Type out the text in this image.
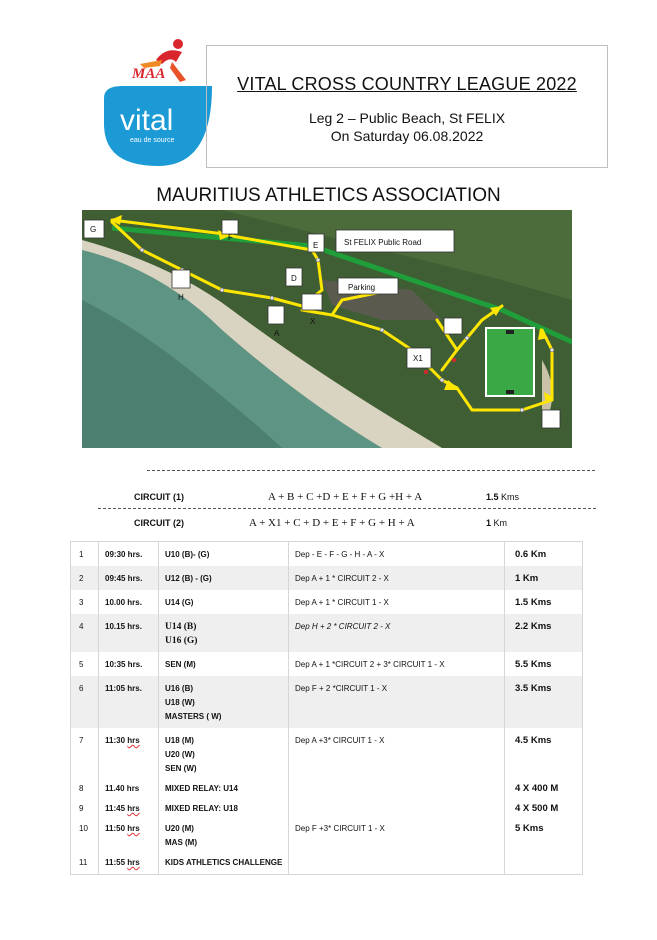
MAA
vital
eau de source
VITAL CROSS COUNTRY LEAGUE 2022
Leg 2 – Public Beach, St FELIX
On Saturday 06.08.2022
MAURITIUS ATHLETICS ASSOCIATION
G
F
E
D
H
A
X
X1
St FELIX Public Road
Parking
CIRCUIT (1)	A + B + C +D + E + F + G +H + A	1.5 Kms
CIRCUIT (2)	A + X1 + C + D + E + F + G + H + A	1 Km
1	09:30 hrs.	U10 (B)- (G)	Dep - E - F - G - H - A - X	0.6 Km
2	09:45 hrs.	U12 (B) - (G)	Dep A + 1 * CIRCUIT 2 - X	1 Km
3	10.00 hrs.	U14 (G)	Dep A + 1 * CIRCUIT 1 - X	1.5 Kms
4	10.15 hrs.	U14 (B)
U16 (G)	Dep H + 2 * CIRCUIT 2 - X	2.2 Kms
5	10:35 hrs.	SEN (M)	Dep A + 1 *CIRCUIT 2 + 3* CIRCUIT 1 - X	5.5 Kms
6	11:05 hrs.	U16 (B)
U18 (W)
MASTERS ( W)	Dep F + 2 *CIRCUIT 1 - X	3.5 Kms
7	11:30 hrs	U18 (M)
U20 (W)
SEN (W)	Dep A +3* CIRCUIT 1 - X	4.5 Kms
8	11.40 hrs	MIXED RELAY: U14		4 X 400 M
9	11:45 hrs	MIXED RELAY: U18		4 X 500 M
10	11:50 hrs	U20 (M)
MAS (M)	Dep F +3* CIRCUIT 1 - X	5 Kms
11	11:55 hrs	KIDS ATHLETICS CHALLENGE		
